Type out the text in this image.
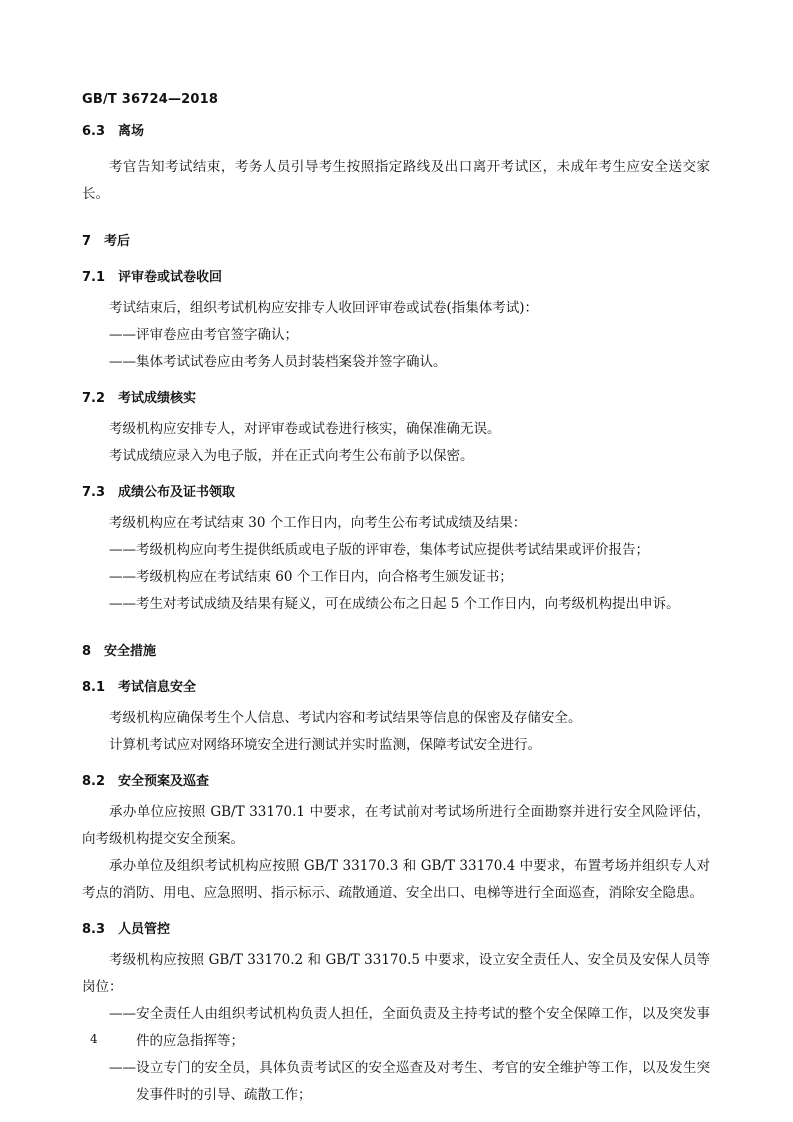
GB/T 36724—2018
6.3 离场

考官告知考试结束，考务人员引导考生按照指定路线及出口离开考试区，未成年考生应安全送交家长。

7 考后
7.1 评审卷或试卷收回

考试结束后，组织考试机构应安排专人收回评审卷或试卷(指集体考试)：

——评审卷应由考官签字确认；
——集体考试试卷应由考务人员封装档案袋并签字确认。
7.2 考试成绩核实

考级机构应安排专人，对评审卷或试卷进行核实，确保准确无误。

考试成绩应录入为电子版，并在正式向考生公布前予以保密。

7.3 成绩公布及证书领取

考级机构应在考试结束 30 个工作日内，向考生公布考试成绩及结果：

——考级机构应向考生提供纸质或电子版的评审卷，集体考试应提供考试结果或评价报告；
——考级机构应在考试结束 60 个工作日内，向合格考生颁发证书；
——考生对考试成绩及结果有疑义，可在成绩公布之日起 5 个工作日内，向考级机构提出申诉。
8 安全措施
8.1 考试信息安全

考级机构应确保考生个人信息、考试内容和考试结果等信息的保密及存储安全。

计算机考试应对网络环境安全进行测试并实时监测，保障考试安全进行。

8.2 安全预案及巡查

承办单位应按照 GB/T 33170.1 中要求，在考试前对考试场所进行全面勘察并进行安全风险评估，向考级机构提交安全预案。

承办单位及组织考试机构应按照 GB/T 33170.3 和 GB/T 33170.4 中要求，布置考场并组织专人对考点的消防、用电、应急照明、指示标示、疏散通道、安全出口、电梯等进行全面巡查，消除安全隐患。

8.3 人员管控

考级机构应按照 GB/T 33170.2 和 GB/T 33170.5 中要求，设立安全责任人、安全员及安保人员等岗位：

——安全责任人由组织考试机构负责人担任，全面负责及主持考试的整个安全保障工作，以及突发事件的应急指挥等；
——设立专门的安全员，具体负责考试区的安全巡查及对考生、考官的安全维护等工作，以及发生突发事件时的引导、疏散工作；
4
